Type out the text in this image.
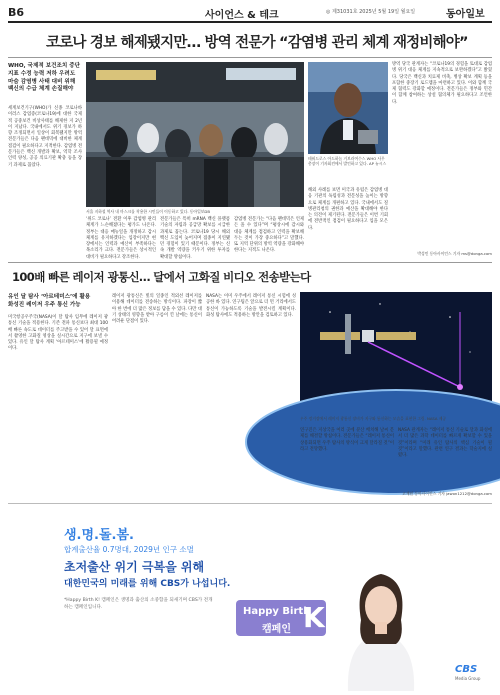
B6	사이언스 & 테크	◎ 제31031호 2025년 5월 19일 월요일	동아일보
코로나 경보 해제됐지만… 방역 전문가 “감염병 관리 체계 재정비해야”
WHO, 국제적 보건조치 중단
지표 수정 능력 저하 우려도
마숨 감염병 사태 대비 위해
백신의 수급 체계 손질해야
세계보건기구(WHO)가 신종 코로나바이러스 감염증(코로나19)에 대한 국제적 공중보건 비상사태를 해제한 지 2년이 지났다. 국내에서도 위기 경보가 하향 조정되면서 일상이 회복됐지만 방역 전문가들은 다음 팬데믹에 대비한 체계 점검이 필요하다고 지적한다. 감염병 전문가들은 백신 개발과 확보, 역학 조사 인력 양성, 공공 의료기관 확충 등을 장기 과제로 꼽았다.
서울 지하철 역사 내 마스크를 착용한 시민들이 이동하고 있다. 동아일보DB
테워드로스 아드하놈 거브러여수스 WHO 사무총장이 기자회견에서 발언하고 있다. AP 뉴시스
‘위드 코로나’ 전환 이후 감염병 관리 체계가 느슨해졌다는 평가도 나온다. 정부는 대응 매뉴얼을 개정하고 감시 체계를 유지하겠다는 입장이지만 현장에서는 인력과 예산이 부족하다는 목소리가 크다. 전문가들은 상시적인 대비가 필요하다고 강조한다.
전문가들은 특히 mRNA 백신 플랫폼 기술의 자립과 공급망 확보를 시급한 과제로 꼽는다. 코로나19 당시 해외 백신 도입이 늦어지며 접종이 지연됐던 경험이 있기 때문이다. 정부는 신속 개발 역량을 키우기 위한 투자를 확대할 방침이다.
감염병 전문가는 “다음 팬데믹은 언제든 올 수 있다”며 “평상시에 감시와 대응 체계를 점검하고 인력을 확보해 두는 것이 가장 중요하다”고 말했다. 또 지역 단위의 방역 역량을 강화해야 한다는 지적도 나온다.
해외 사례를 보면 미국과 유럽은 감염병 대응 기관의 독립성과 전문성을 높이는 방향으로 체계를 개편하고 있다. 국내에서도 질병관리청의 권한과 예산을 확대해야 한다는 의견이 제기된다. 전문가들은 이번 기회에 전반적인 점검이 필요하다고 입을 모은다.
방역 당국 관계자는 “코로나19의 경험을 토대로 감염병 위기 대응 체계를 지속적으로 보완하겠다”고 밝혔다. 당국은 백신과 치료제 비축, 병상 확보 계획 등을 포함한 중장기 로드맵을 마련하고 있다. 이와 함께 국제 협력도 강화할 예정이다. 전문가들은 정부와 민간이 함께 참여하는 상설 협의체가 필요하다고 조언한다.
박성민 동아사이언스 기자 ms@donga.com
100배 빠른 레이저 광통신… 달에서 고화질 비디오 전송받는다
유인 달 탐사 ‘아르테미스’에 활용
화성진 레이저 우주 통신 가능
미국항공우주국(NASA)이 달 탐사 임무에 레이저 광통신 기술을 적용한다. 기존 전파 통신보다 최대 100배 빠른 속도로 데이터를 주고받을 수 있어 달 표면에서 촬영한 고화질 영상을 실시간으로 지구에 보낼 수 있다. 유인 달 탐사 계획 ‘아르테미스’에 활용될 예정이다.
레이저 광통신은 빛의 일종인 적외선 레이저를 이용해 데이터를 전송하는 방식이다. 파장이 짧아 한 번에 더 많은 정보를 담을 수 있다. 다만 대기 상태의 영향을 받아 구름이 낀 날에는 통신이 어려운 단점이 있다.
NASA는 이미 우주에서 레이저 통신 시험에 성공한 바 있다. 연구팀은 앞으로 더 먼 거리에서도 통신이 가능하도록 기술을 발전시킬 계획이다. 화성 탐사에도 적용하는 방안을 검토하고 있다.
우주 정거장에서 레이저 광통신 장비가 지구와 통신하는 모습을 표현한 그림. NASA 제공
연구진은 지상국을 여러 곳에 분산 배치해 날씨 문제를 해결할 방침이다. 전문가들은 “레이저 통신이 상용화되면 우주 탐사의 방식이 크게 달라질 것”이라고 전망했다.
NASA 관계자는 “레이저 통신 기술로 달과 화성에서 더 많은 과학 데이터를 빠르게 확보할 수 있을 것”이라며 “미래 유인 탐사의 핵심 기술이 될 것”이라고 말했다. 관련 연구 결과는 학술지에 실렸다.
고재원 동아사이언스 기자 jawon1212@donga.com
생.명.돌.봄.
합계출산율 0.7명대, 2029년 인구 소멸
초저출산 위기 극복을 위해
대한민국의 미래를 위해 CBS가 나섭니다.
*Happy Birth K! 캠페인은 생명과 출산의 소중함을 되새기며 CBS가 전개하는 캠페인입니다.	Happy Birth
캠페인 K
CBS
Media Group
